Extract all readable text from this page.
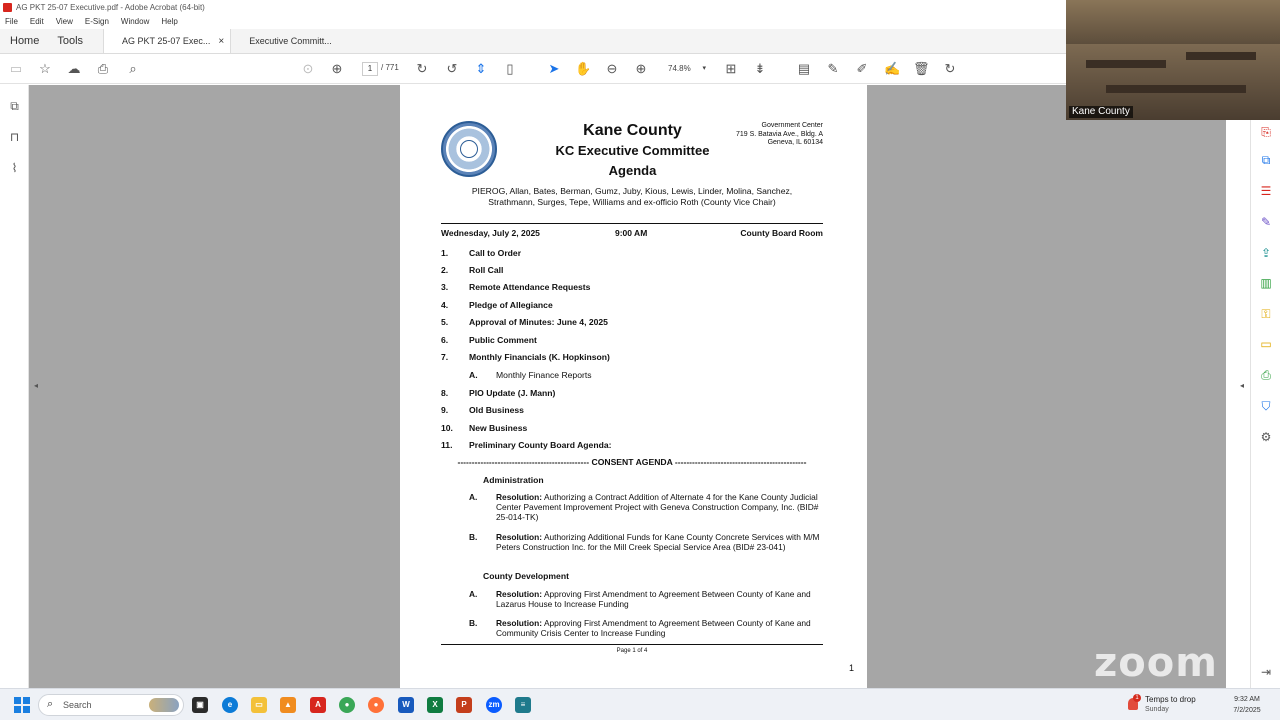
AG PKT 25-07 Executive.pdf - Adobe Acrobat (64-bit)
File Edit View E-Sign Window Help
Home	Tools	AG PKT 25-07 Exec... ×	Executive Committ...
▭ ☆ ☁ ⎙	⌕	⊙ ⊕	1	/ 771 ↻ ↺ ⇕	▯	➤ ✋ ⊖ ⊕	74.8% ▾ ⊞ ⇟ ▤ ✎ ✐ ✍ 🗑 ↻
⧉
⊓
⌇
◂	◂
Kane County
KC Executive Committee
Agenda
Government Center
719 S. Batavia Ave., Bldg. A
Geneva, IL 60134
PIEROG, Allan, Bates, Berman, Gumz, Juby, Kious, Lewis, Linder, Molina, Sanchez,
Strathmann, Surges, Tepe, Williams and ex-officio Roth (County Vice Chair)
Wednesday, July 2, 2025	9:00 AM	County Board Room
1. Call to Order
2. Roll Call
3. Remote Attendance Requests
4. Pledge of Allegiance
5. Approval of Minutes: June 4, 2025
6. Public Comment
7. Monthly Financials (K. Hopkinson)
A. Monthly Finance Reports
8. PIO Update (J. Mann)
9. Old Business
10. New Business
11. Preliminary County Board Agenda:
---------------------------------------------- CONSENT AGENDA ----------------------------------------------
Administration
A. Resolution: Authorizing a Contract Addition of Alternate 4 for the Kane County Judicial Center Pavement Improvement Project with Geneva Construction Company, Inc. (BID# 25-014-TK)
B. Resolution: Authorizing Additional Funds for Kane County Concrete Services with M/M Peters Construction Inc. for the Mill Creek Special Service Area (BID# 23-041)
County Development
A. Resolution: Approving First Amendment to Agreement Between County of Kane and Lazarus House to Increase Funding
B. Resolution: Approving First Amendment to Agreement Between County of Kane and Community Crisis Center to Increase Funding
Page 1 of 4
1
⎘
⧉
☰
✎
⇪
▥
⚿
▭
⎙
⛉
⚙
⇥
Kane County
zoom
⌕ Search	▣	e	▭	▲	A	●	●	W	X	P	zm	≡
1 Temps to drop
Sunday
9:32 AM
7/2/2025
